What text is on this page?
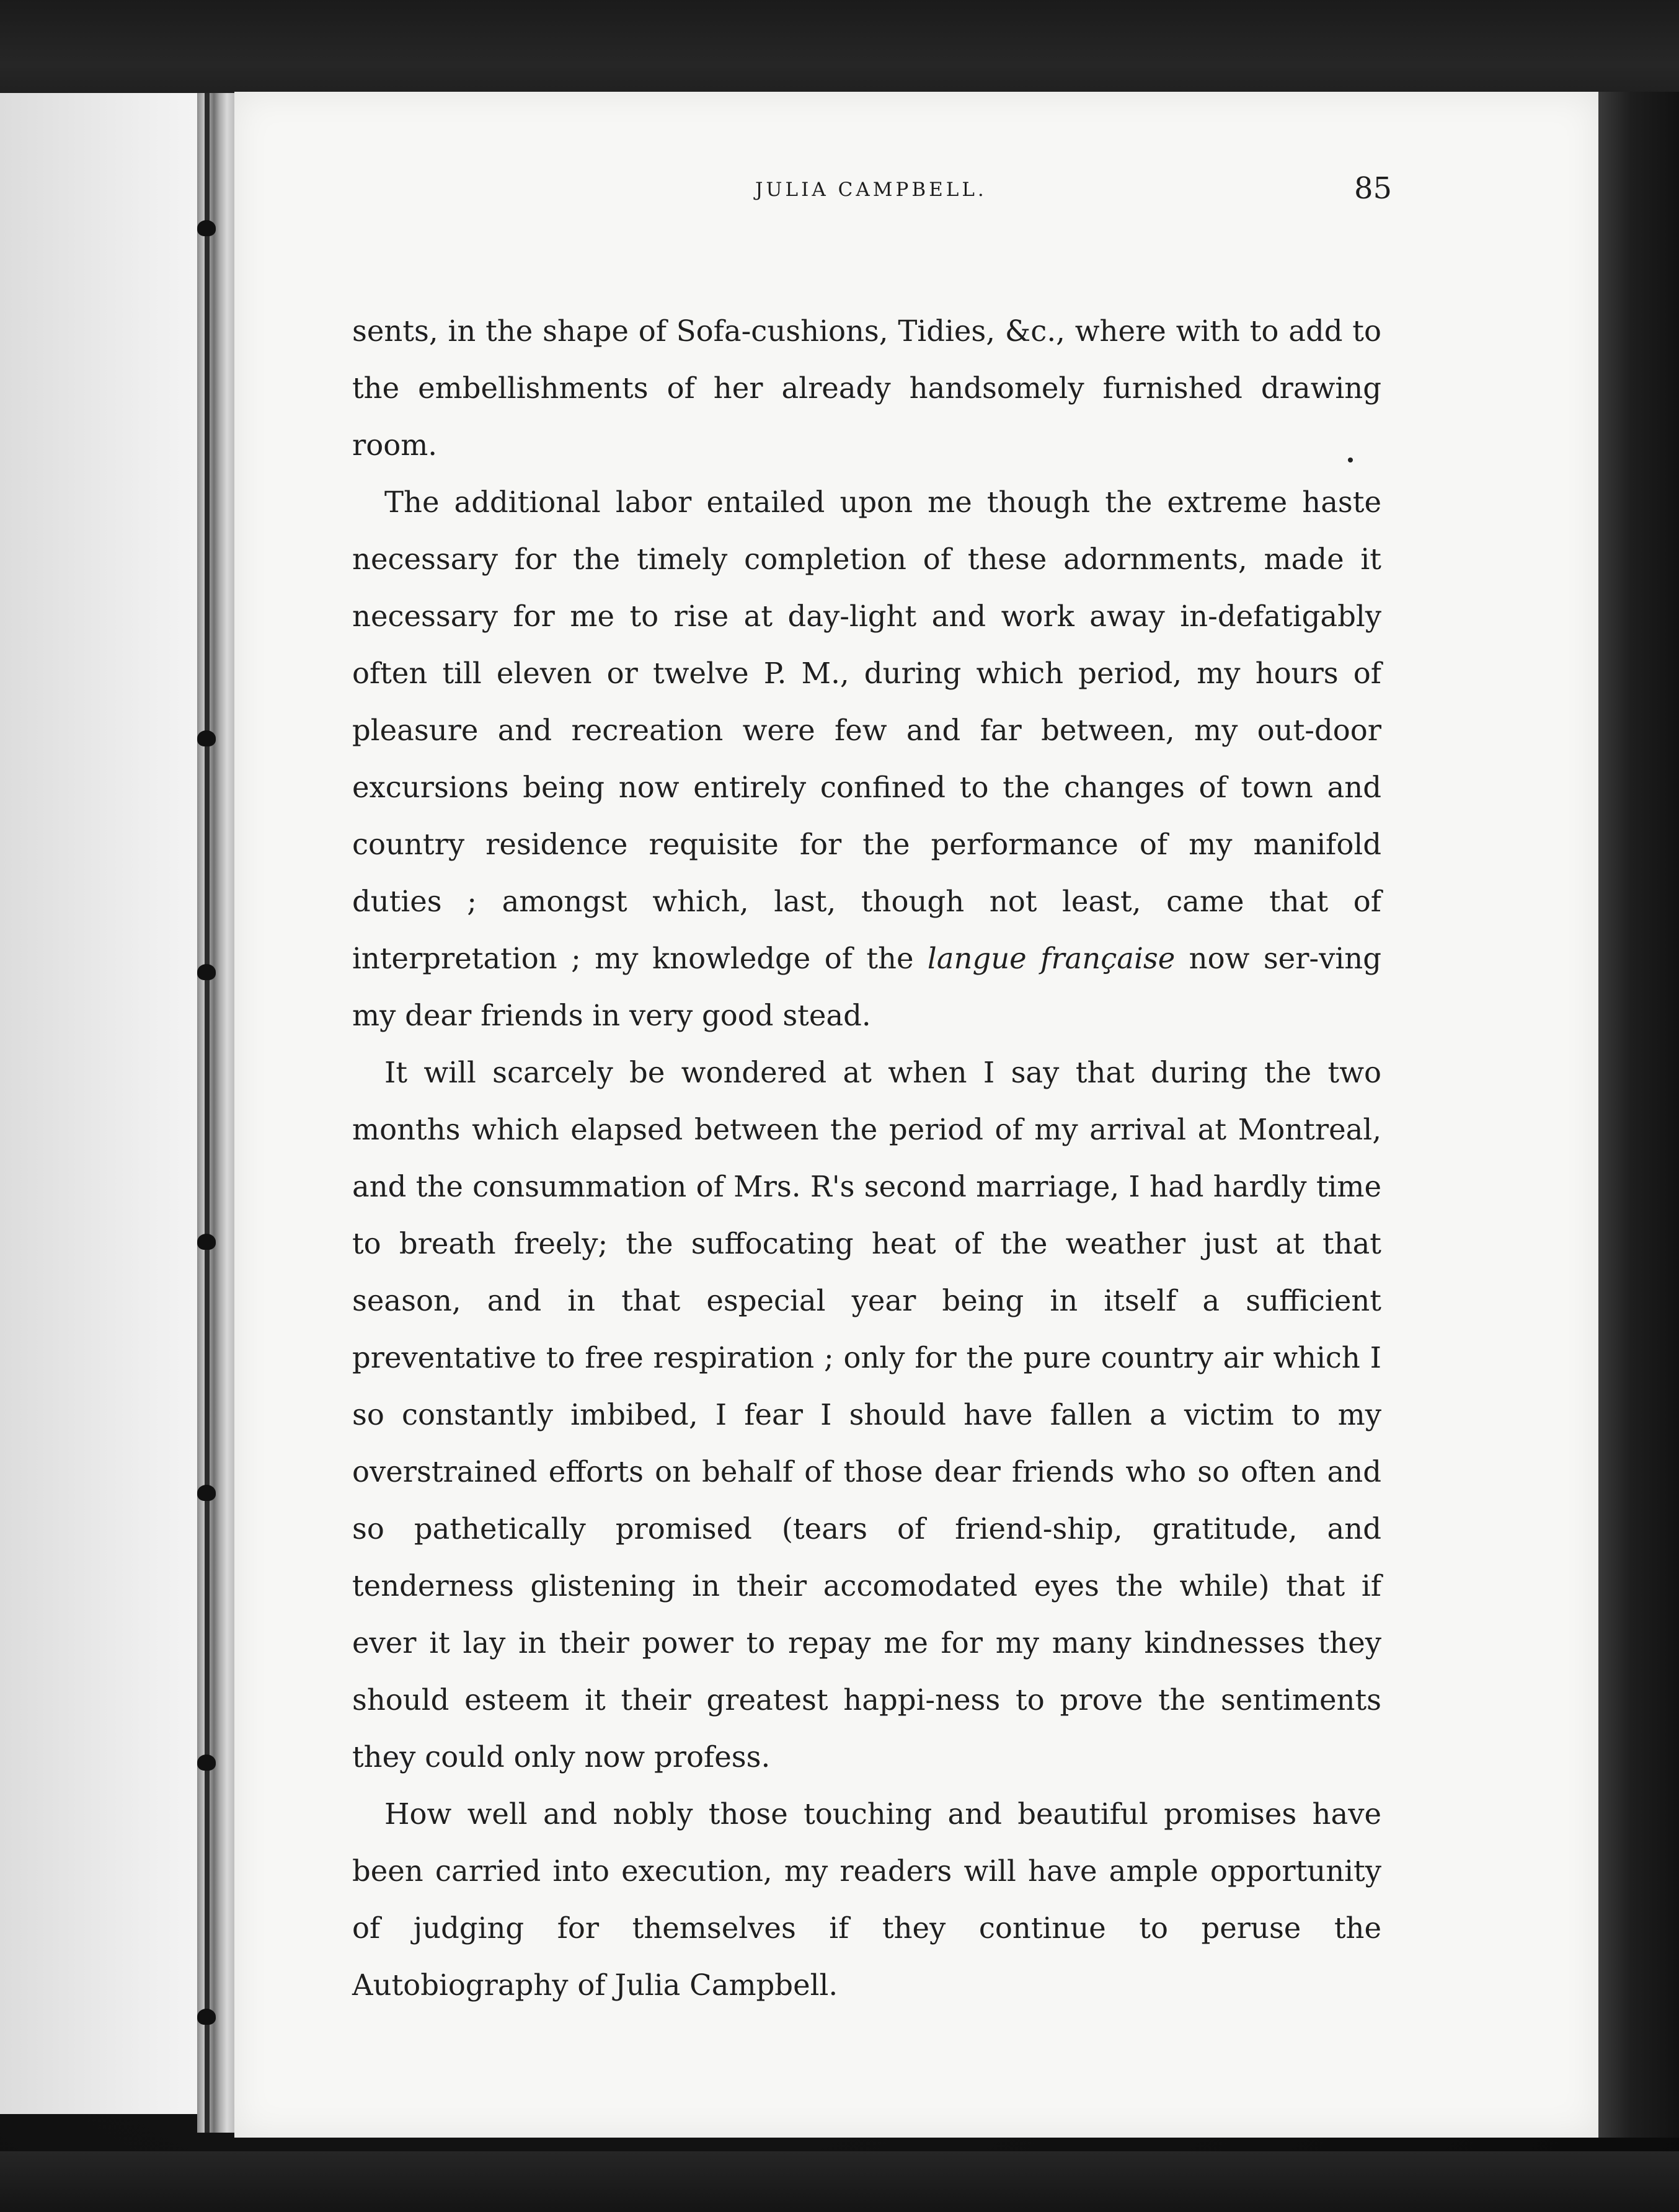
JULIA CAMPBELL.	85

sents, in the shape of Sofa-cushions, Tidies, &c., where with to add to the embellishments of her already handsomely furnished drawing room.

The additional labor entailed upon me though the extreme haste necessary for the timely completion of these adornments, made it necessary for me to rise at day-light and work away in-defatigably often till eleven or twelve P. M., during which period, my hours of pleasure and recreation were few and far between, my out-door excursions being now entirely confined to the changes of town and country residence requisite for the performance of my manifold duties ; amongst which, last, though not least, came that of interpretation ; my knowledge of the langue française now ser-ving my dear friends in very good stead.

It will scarcely be wondered at when I say that during the two months which elapsed between the period of my arrival at Montreal, and the consummation of Mrs. R's second marriage, I had hardly time to breath freely; the suffocating heat of the weather just at that season, and in that especial year being in itself a sufficient preventative to free respiration ; only for the pure country air which I so constantly imbibed, I fear I should have fallen a victim to my overstrained efforts on behalf of those dear friends who so often and so pathetically promised (tears of friend-ship, gratitude, and tenderness glistening in their accomodated eyes the while) that if ever it lay in their power to repay me for my many kindnesses they should esteem it their greatest happi-ness to prove the sentiments they could only now profess.

How well and nobly those touching and beautiful promises have been carried into execution, my readers will have ample opportunity of judging for themselves if they continue to peruse the Autobiography of Julia Campbell.
